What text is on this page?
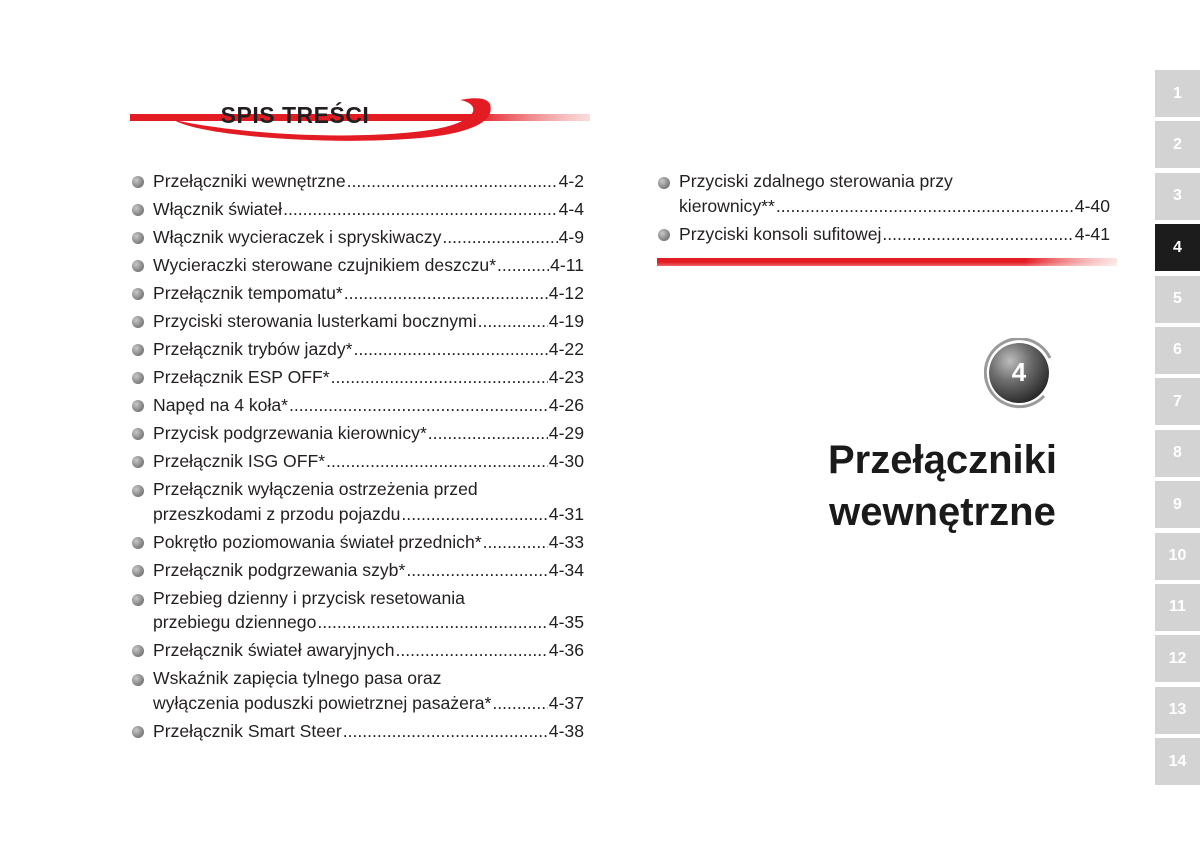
SPIS TREŚCI
Przełączniki wewnętrzne .....	4-2
Włącznik świateł .....	4-4
Włącznik wycieraczek i spryskiwaczy .....	4-9
Wycieraczki sterowane czujnikiem deszczu* .....	4-11
Przełącznik tempomatu* .....	4-12
Przyciski sterowania lusterkami bocznymi .....	4-19
Przełącznik trybów jazdy* .....	4-22
Przełącznik ESP OFF* .....	4-23
Napęd na 4 koła* .....	4-26
Przycisk podgrzewania kierownicy* .....	4-29
Przełącznik ISG OFF* .....	4-30
Przełącznik wyłączenia ostrzeżenia przed
przeszkodami z przodu pojazdu .....	4-31
Pokrętło poziomowania świateł przednich* .....	4-33
Przełącznik podgrzewania szyb* .....	4-34
Przebieg dzienny i przycisk resetowania
przebiegu dziennego .....	4-35
Przełącznik świateł awaryjnych .....	4-36
Wskaźnik zapięcia tylnego pasa oraz
wyłączenia poduszki powietrznej pasażera* .....	4-37
Przełącznik Smart Steer .....	4-38
Przyciski zdalnego sterowania przy
kierownicy** .....	4-40
Przyciski konsoli sufitowej .....	4-41
4
Przełączniki
wewnętrzne
1
2
3
4
5
6
7
8
9
10
11
12
13
14
